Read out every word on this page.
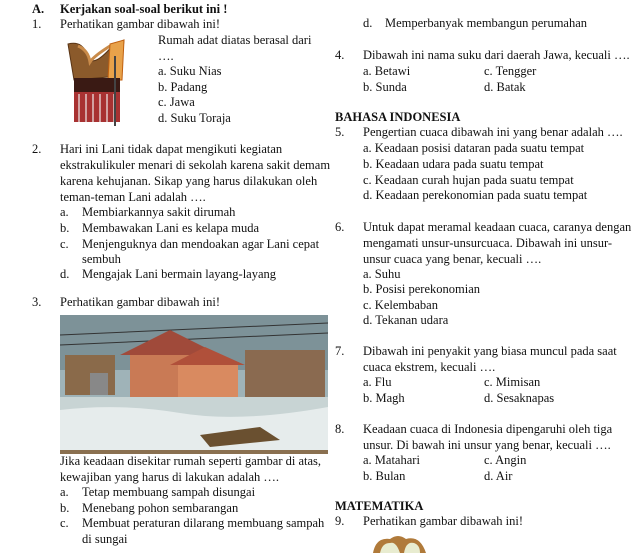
A. Kerjakan soal-soal berikut ini !
1. Perhatikan gambar dibawah ini!
Rumah adat diatas berasal dari
….
a. Suku Nias
b. Padang
c. Jawa
d. Suku Toraja
2. Hari ini Lani tidak dapat mengikuti kegiatan
ekstrakulikuler menari di sekolah karena sakit demam
karena kehujanan. Sikap yang harus dilakukan oleh
teman-teman Lani adalah ….
a. Membiarkannya sakit dirumah
b. Membawakan Lani es kelapa muda
c. Menjenguknya dan mendoakan agar Lani cepat
sembuh
d. Mengajak Lani bermain layang-layang
3. Perhatikan gambar dibawah ini!
Jika keadaan disekitar rumah seperti gambar di atas,
kewajiban yang harus di lakukan adalah ….
a. Tetap membuang sampah disungai
b. Menebang pohon sembarangan
c. Membuat peraturan dilarang membuang sampah
di sungai
d. Memperbanyak membangun perumahan
4. Dibawah ini nama suku dari daerah Jawa, kecuali ….
a. Betawi	c. Tengger
b. Sunda	d. Batak
BAHASA INDONESIA
5. Pengertian cuaca dibawah ini yang benar adalah ….
a. Keadaan posisi dataran pada suatu tempat
b. Keadaan udara pada suatu tempat
c. Keadaan curah hujan pada suatu tempat
d. Keadaan perekonomian pada suatu tempat
6. Untuk dapat meramal keadaan cuaca, caranya dengan
mengamati unsur-unsurcuaca. Dibawah ini unsur-
unsur cuaca yang benar, kecuali ….
a. Suhu
b. Posisi perekonomian
c. Kelembaban
d. Tekanan udara
7. Dibawah ini penyakit yang biasa muncul pada saat
cuaca ekstrem, kecuali ….
a. Flu	c. Mimisan
b. Magh	d. Sesaknapas
8. Keadaan cuaca di Indonesia dipengaruhi oleh tiga
unsur. Di bawah ini unsur yang benar, kecuali ….
a. Matahari	c. Angin
b. Bulan	d. Air
MATEMATIKA
9. Perhatikan gambar dibawah ini!
